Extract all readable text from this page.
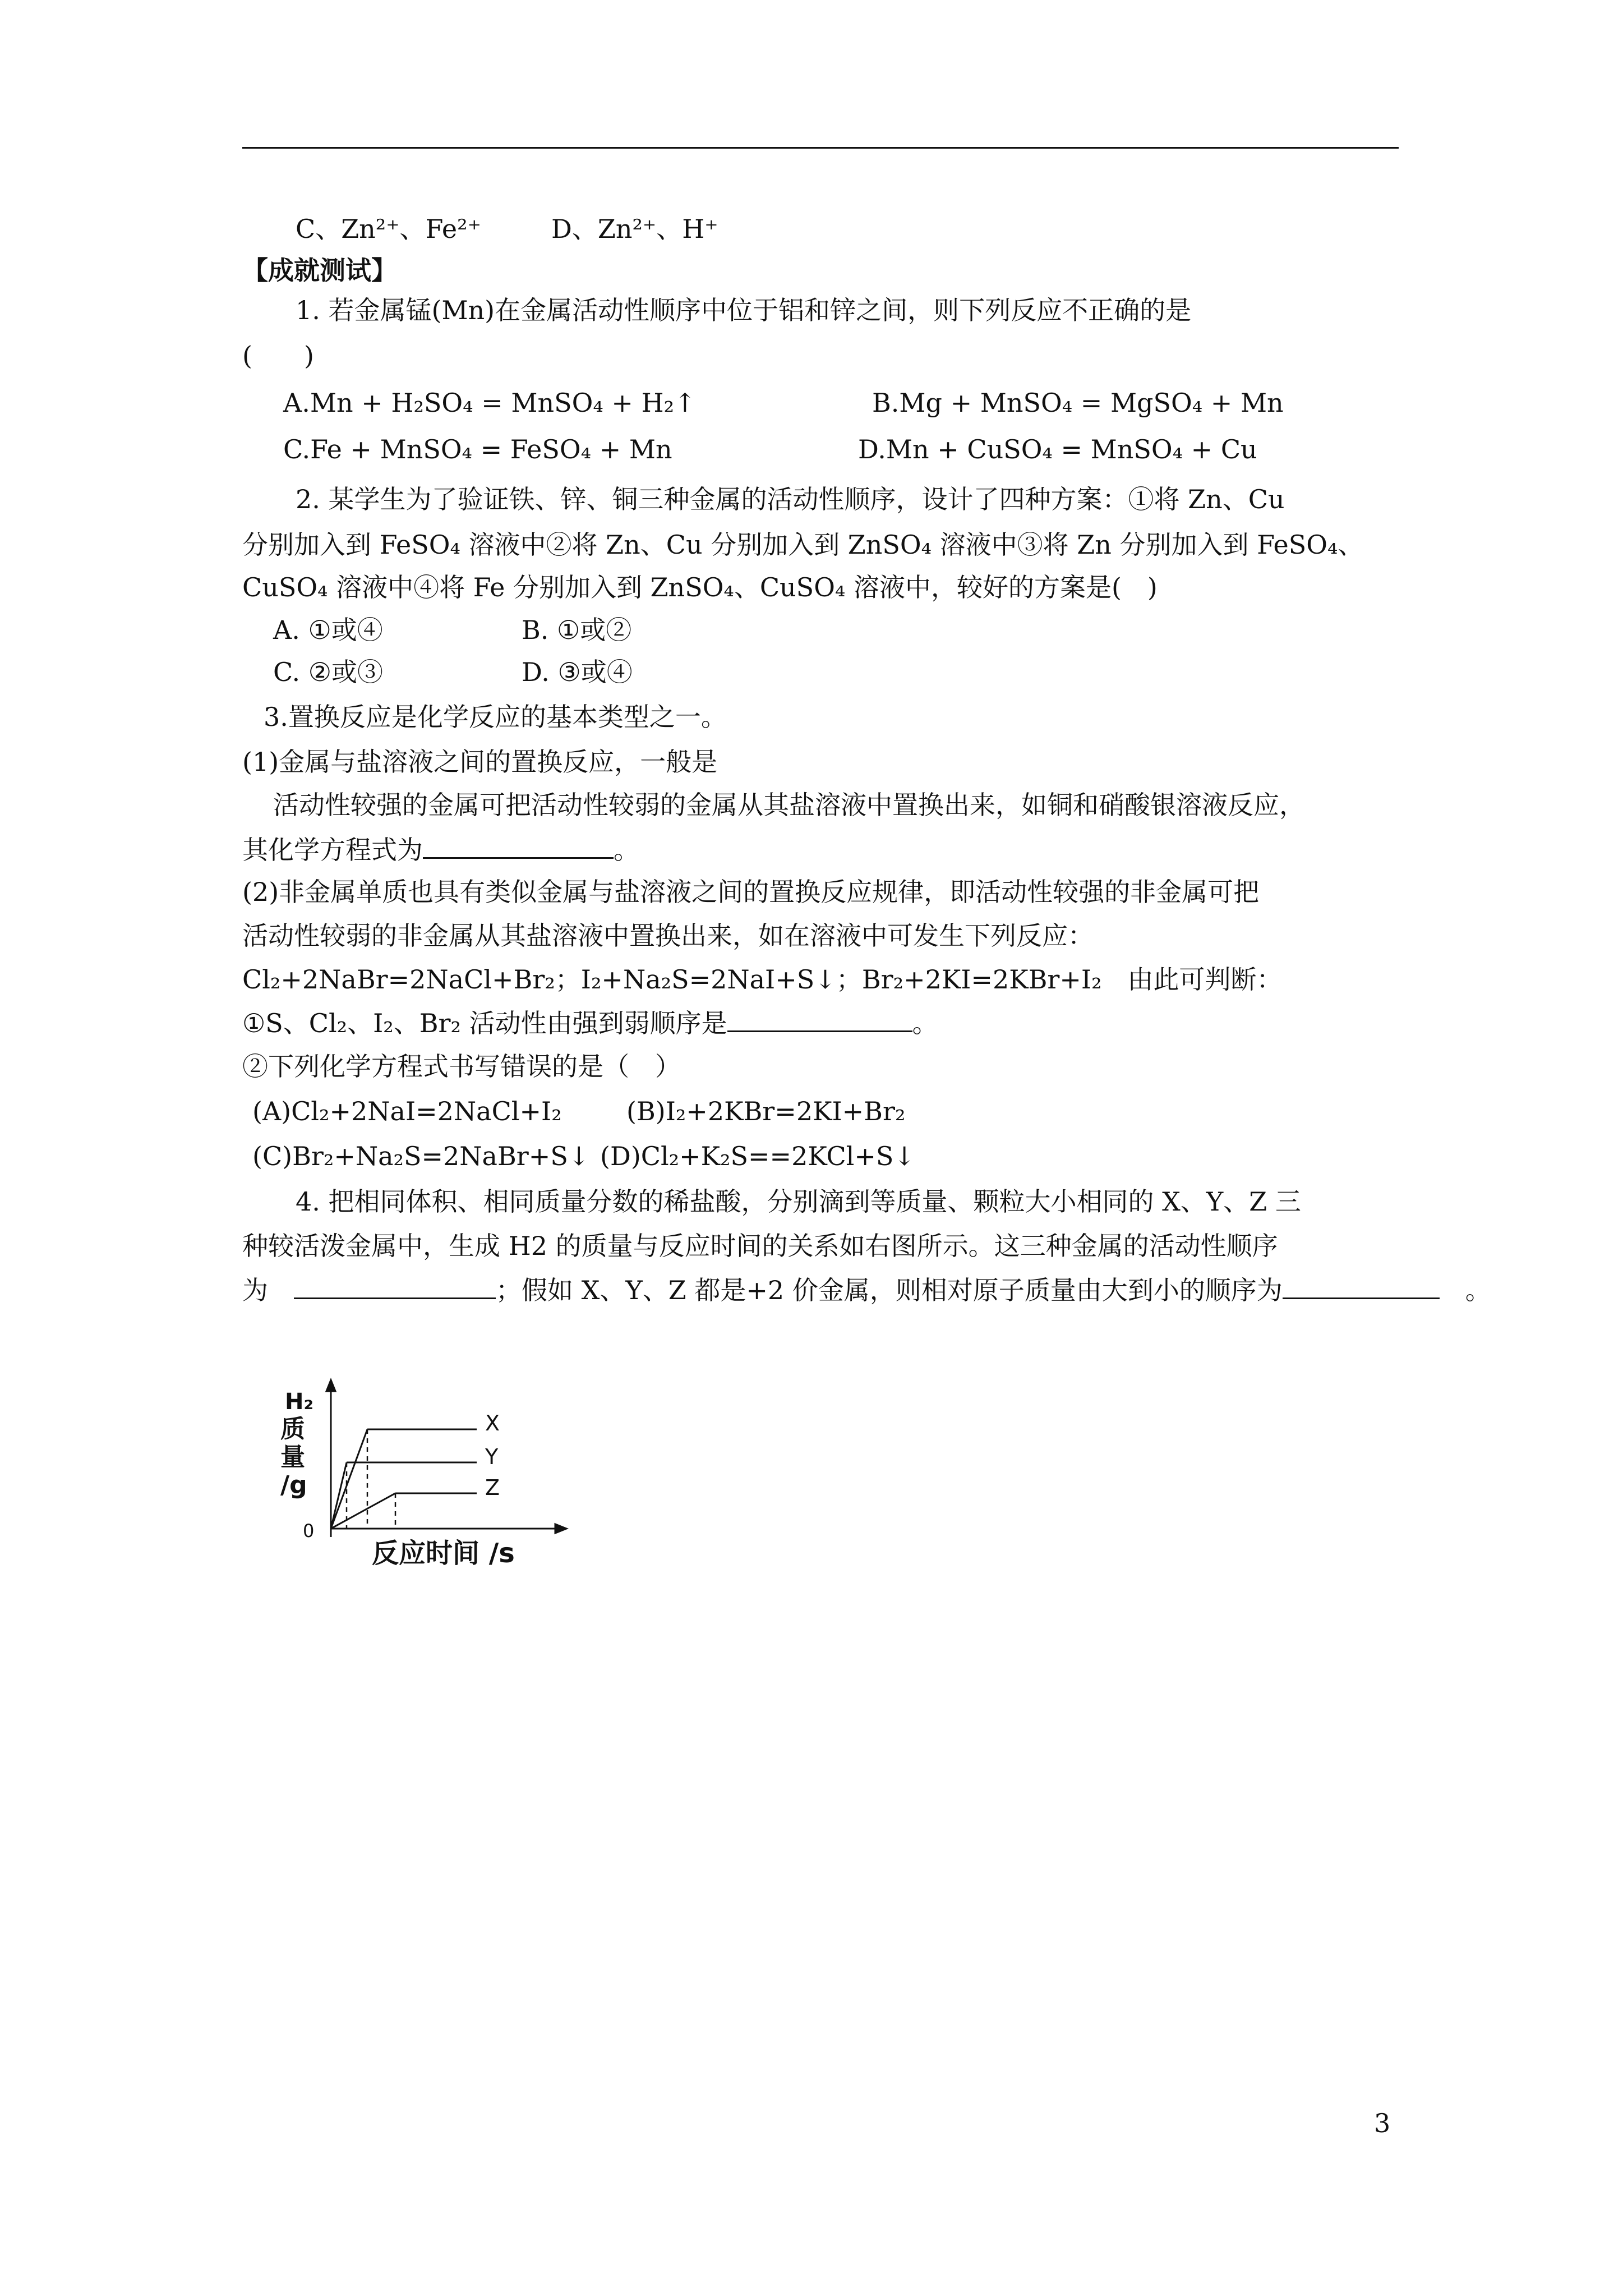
C、Zn²⁺、Fe²⁺	D、Zn²⁺、H⁺
【成就测试】
1. 若金属锰(Mn)在金属活动性顺序中位于铝和锌之间，则下列反应不正确的是
(　　)
A.Mn + H₂SO₄ = MnSO₄ + H₂↑	B.Mg + MnSO₄ = MgSO₄ + Mn
C.Fe + MnSO₄ = FeSO₄ + Mn	D.Mn + CuSO₄ = MnSO₄ + Cu
2. 某学生为了验证铁、锌、铜三种金属的活动性顺序，设计了四种方案：①将 Zn、Cu
分别加入到 FeSO₄ 溶液中②将 Zn、Cu 分别加入到 ZnSO₄ 溶液中③将 Zn 分别加入到 FeSO₄、
CuSO₄ 溶液中④将 Fe 分别加入到 ZnSO₄、CuSO₄ 溶液中，较好的方案是(　)
A. ①或④	B. ①或②
C. ②或③	D. ③或④
3.置换反应是化学反应的基本类型之一。
(1)金属与盐溶液之间的置换反应，一般是
活动性较强的金属可把活动性较弱的金属从其盐溶液中置换出来，如铜和硝酸银溶液反应，
其化学方程式为	。
(2)非金属单质也具有类似金属与盐溶液之间的置换反应规律，即活动性较强的非金属可把
活动性较弱的非金属从其盐溶液中置换出来，如在溶液中可发生下列反应：
Cl₂+2NaBr=2NaCl+Br₂；I₂+Na₂S=2NaI+S↓；Br₂+2KI=2KBr+I₂　由此可判断：
①S、Cl₂、I₂、Br₂ 活动性由强到弱顺序是	。
②下列化学方程式书写错误的是（　）
(A)Cl₂+2NaI=2NaCl+I₂	(B)I₂+2KBr=2KI+Br₂
(C)Br₂+Na₂S=2NaBr+S↓ (D)Cl₂+K₂S==2KCl+S↓
4. 把相同体积、相同质量分数的稀盐酸，分别滴到等质量、颗粒大小相同的 X、Y、Z 三
种较活泼金属中，生成 H2 的质量与反应时间的关系如右图所示。这三种金属的活动性顺序
为　	；假如 X、Y、Z 都是+2 价金属，则相对原子质量由大到小的顺序为　	。
H₂
质
量
/g
0
反应时间 /s
X
Y
Z
3
